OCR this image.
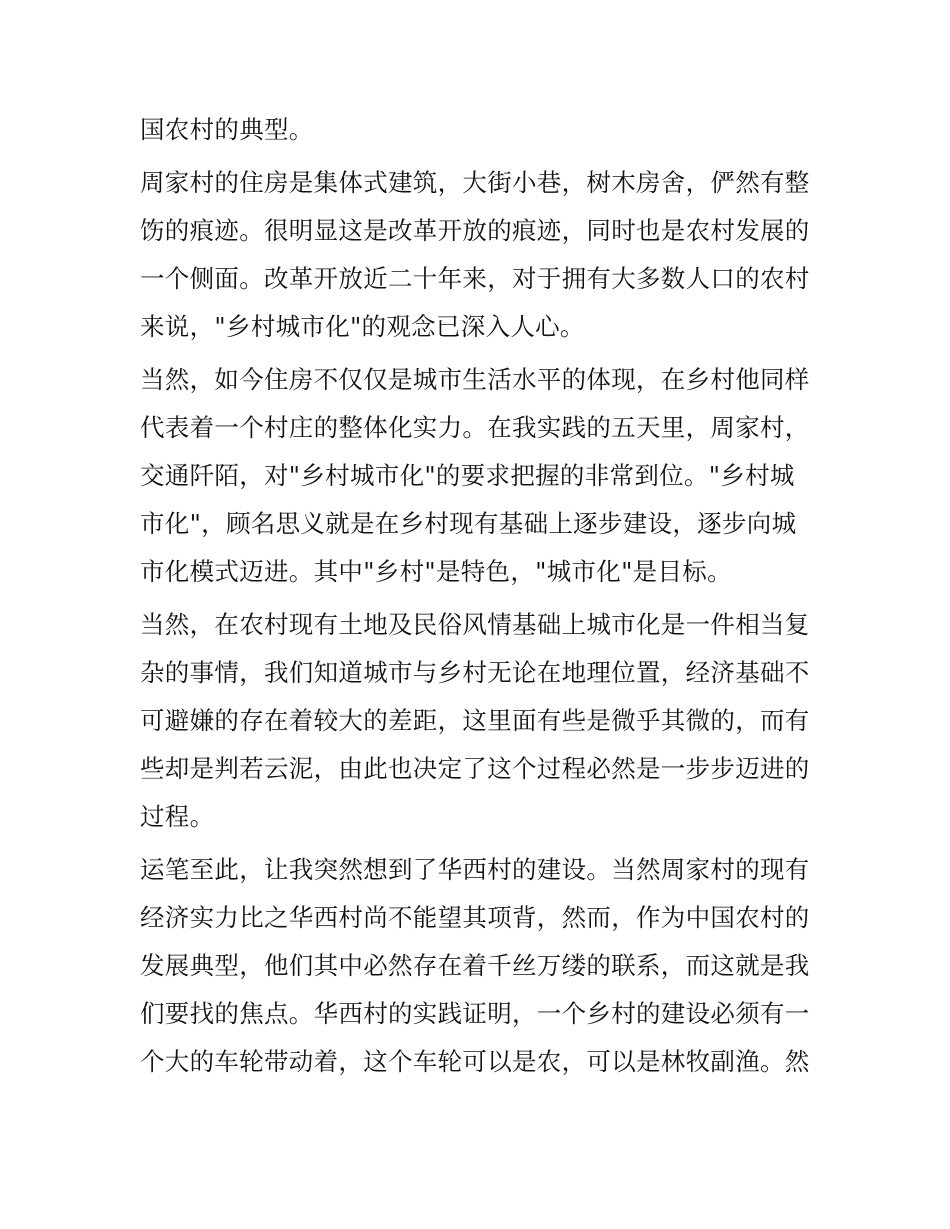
国农村的典型。
周家村的住房是集体式建筑，大街小巷，树木房舍，俨然有整
饬的痕迹。很明显这是改革开放的痕迹，同时也是农村发展的
一个侧面。改革开放近二十年来，对于拥有大多数人口的农村
来说，"乡村城市化"的观念已深入人心。
当然，如今住房不仅仅是城市生活水平的体现，在乡村他同样
代表着一个村庄的整体化实力。在我实践的五天里，周家村，
交通阡陌，对"乡村城市化"的要求把握的非常到位。"乡村城
市化"，顾名思义就是在乡村现有基础上逐步建设，逐步向城
市化模式迈进。其中"乡村"是特色，"城市化"是目标。
当然，在农村现有土地及民俗风情基础上城市化是一件相当复
杂的事情，我们知道城市与乡村无论在地理位置，经济基础不
可避嫌的存在着较大的差距，这里面有些是微乎其微的，而有
些却是判若云泥，由此也决定了这个过程必然是一步步迈进的
过程。
运笔至此，让我突然想到了华西村的建设。当然周家村的现有
经济实力比之华西村尚不能望其项背，然而，作为中国农村的
发展典型，他们其中必然存在着千丝万缕的联系，而这就是我
们要找的焦点。华西村的实践证明，一个乡村的建设必须有一
个大的车轮带动着，这个车轮可以是农，可以是林牧副渔。然
